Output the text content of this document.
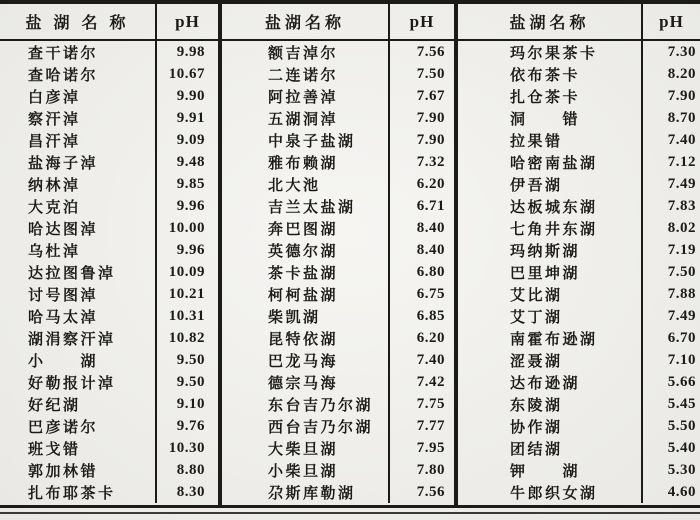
盐 湖 名 称	pH
查干诺尔	9.98
查哈诺尔	10.67
白彦淖	9.90
察汗淖	9.91
昌汗淖	9.09
盐海子淖	9.48
纳林淖	9.85
大克泊	9.96
哈达图淖	10.00
乌杜淖	9.96
达拉图鲁淖	10.09
讨号图淖	10.21
哈马太淖	10.31
湖涓察汗淖	10.82
小　　湖	9.50
好勒报计淖	9.50
好纪湖	9.10
巴彦诺尔	9.76
班戈错	10.30
郭加林错	8.80
扎布耶茶卡	8.30
盐湖名称	pH
额吉淖尔	7.56
二连诺尔	7.50
阿拉善淖	7.67
五湖洞淖	7.90
中泉子盐湖	7.90
雅布赖湖	7.32
北大池	6.20
吉兰太盐湖	6.71
奔巴图湖	8.40
英德尔湖	8.40
茶卡盐湖	6.80
柯柯盐湖	6.75
柴凯湖	6.85
昆特依湖	6.20
巴龙马海	7.40
德宗马海	7.42
东台吉乃尔湖	7.75
西台吉乃尔湖	7.77
大柴旦湖	7.95
小柴旦湖	7.80
尕斯库勒湖	7.56
盐湖名称	pH
玛尔果茶卡	7.30
依布茶卡	8.20
扎仓茶卡	7.90
洞　　错	8.70
拉果错	7.40
哈密南盐湖	7.12
伊吾湖	7.49
达板城东湖	7.83
七角井东湖	8.02
玛纳斯湖	7.19
巴里坤湖	7.50
艾比湖	7.88
艾丁湖	7.49
南霍布逊湖	6.70
涩聂湖	7.10
达布逊湖	5.66
东陵湖	5.45
协作湖	5.50
团结湖	5.40
钾　　湖	5.30
牛郎织女湖	4.60
